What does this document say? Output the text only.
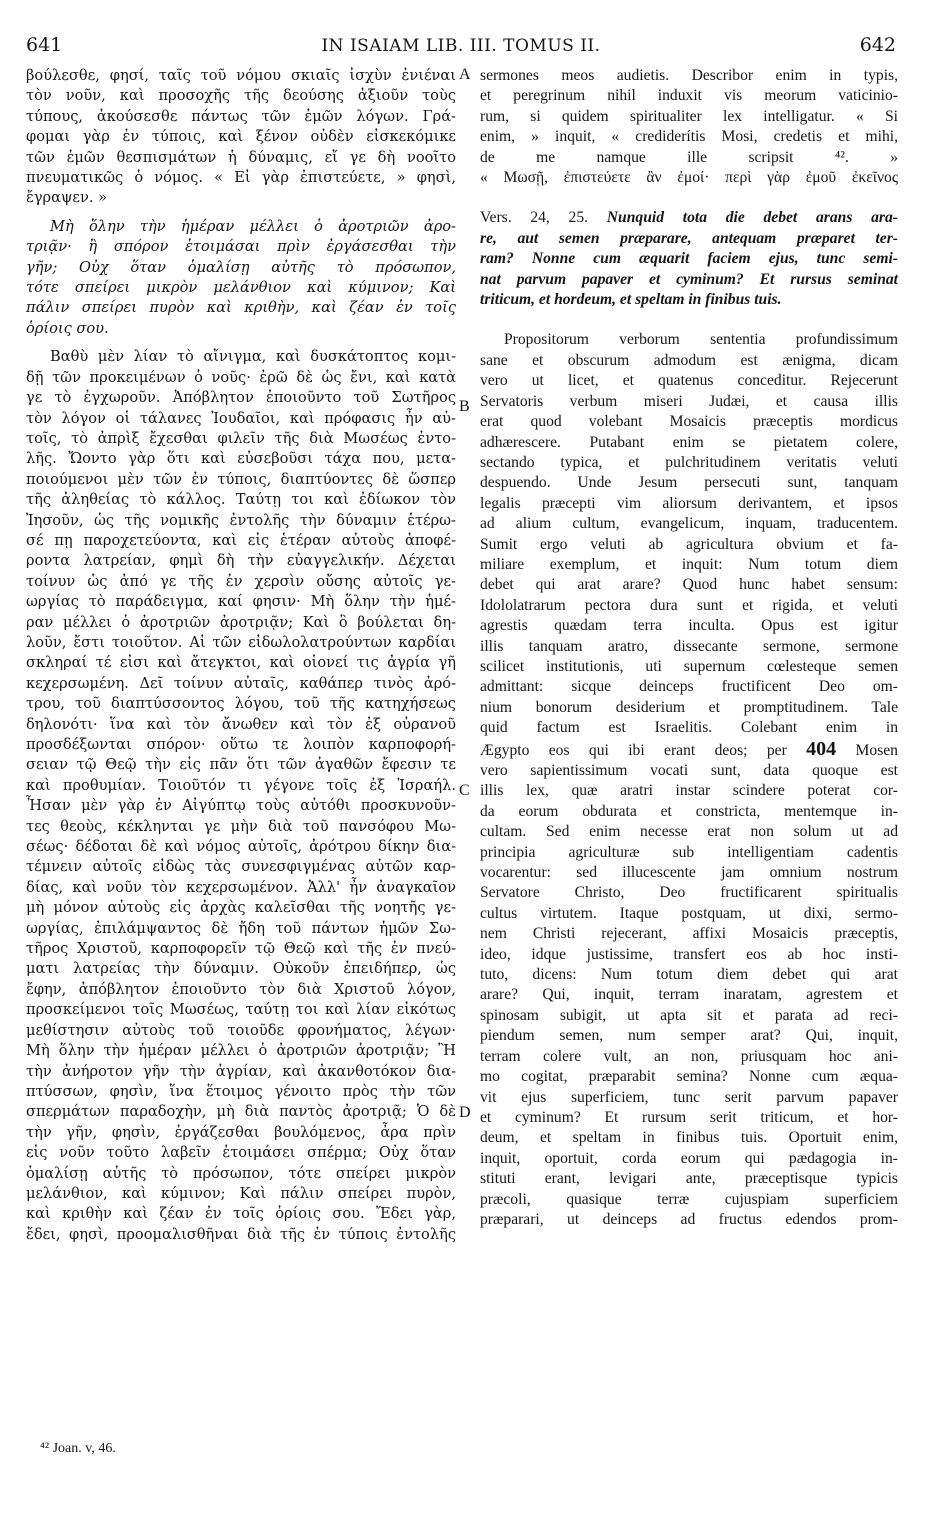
641	IN ISAIAM LIB. III. TOMUS II.	642
βούλεσθε, φησί, ταῖς τοῦ νόμου σκιαῖς ἰσχὺν ἐνιέναι
τὸν νοῦν, καὶ προσοχῆς τῆς δεούσης ἀξιοῦν τοὺς
τύπους, ἀκούσεσθε πάντως τῶν ἐμῶν λόγων. Γρά-
φομαι γὰρ ἐν τύποις, καὶ ξένον οὐδὲν εἰσκεκόμικε
τῶν ἐμῶν θεσπισμάτων ἡ δύναμις, εἴ γε δὴ νοοῖτο
πνευματικῶς ὁ νόμος. « Εἰ γὰρ ἐπιστεύετε, » φησὶ,
ἔγραψεν. »
Μὴ ὅλην τὴν ἡμέραν μέλλει ὁ ἀροτριῶν ἀρο-
τριᾷν· ἢ σπόρον ἑτοιμάσαι πρὶν ἐργάσεσθαι τὴν
γῆν; Οὐχ ὅταν ὁμαλίσῃ αὐτῆς τὸ πρόσωπον,
τότε σπείρει μικρὸν μελάνθιον καὶ κύμινον; Καὶ
πάλιν σπείρει πυρὸν καὶ κριθὴν, καὶ ζέαν ἐν τοῖς
ὁρίοις σου.
Βαθὺ μὲν λίαν τὸ αἴνιγμα, καὶ δυσκάτοπτος κομι-
δῇ τῶν προκειμένων ὁ νοῦς· ἐρῶ δὲ ὡς ἔνι, καὶ κατὰ
γε τὸ ἐγχωροῦν. Ἀπόβλητον ἐποιοῦντο τοῦ Σωτῆρος
τὸν λόγον οἱ τάλανες Ἰουδαῖοι, καὶ πρόφασις ἦν αὐ-
τοῖς, τὸ ἀπρὶξ ἔχεσθαι φιλεῖν τῆς διὰ Μωσέως ἐντο-
λῆς. Ὤοντο γὰρ ὅτι καὶ εὐσεβοῦσι τάχα που, μετα-
ποιούμενοι μὲν τῶν ἐν τύποις, διαπτύοντες δὲ ὥσπερ
τῆς ἀληθείας τὸ κάλλος. Ταύτῃ τοι καὶ ἐδίωκον τὸν
Ἰησοῦν, ὡς τῆς νομικῆς ἐντολῆς τὴν δύναμιν ἑτέρω-
σέ πῃ παροχετεύοντα, καὶ εἰς ἑτέραν αὐτοὺς ἀποφέ-
ροντα λατρείαν, φημὶ δὴ τὴν εὐαγγελικήν. Δέχεται
τοίνυν ὡς ἀπό γε τῆς ἐν χερσὶν οὔσης αὐτοῖς γε-
ωργίας τὸ παράδειγμα, καί φησιν· Μὴ ὅλην τὴν ἡμέ-
ραν μέλλει ὁ ἀροτριῶν ἀροτριᾷν; Καὶ ὃ βούλεται δη-
λοῦν, ἔστι τοιοῦτον. Αἱ τῶν εἰδωλολατρούντων καρδίαι
σκληραί τέ εἰσι καὶ ἄτεγκτοι, καὶ οἱονεί τις ἀγρία γῆ
κεχερσωμένη. Δεῖ τοίνυν αὐταῖς, καθάπερ τινὸς ἀρό-
τρου, τοῦ διαπτύσσοντος λόγου, τοῦ τῆς κατηχήσεως
δηλονότι· ἵνα καὶ τὸν ἄνωθεν καὶ τὸν ἐξ οὐρανοῦ
προσδέξωνται σπόρον· οὕτω τε λοιπὸν καρποφορή-
σειαν τῷ Θεῷ τὴν εἰς πᾶν ὅτι τῶν ἀγαθῶν ἔφεσιν τε
καὶ προθυμίαν. Τοιοῦτόν τι γέγονε τοῖς ἐξ Ἰσραήλ.
Ἦσαν μὲν γὰρ ἐν Αἰγύπτῳ τοὺς αὐτόθι προσκυνοῦν-
τες θεοὺς, κέκληνται γε μὴν διὰ τοῦ πανσόφου Μω-
σέως· δέδοται δὲ καὶ νόμος αὐτοῖς, ἀρότρου δίκην δια-
τέμνειν αὐτοῖς εἰδὼς τὰς συνεσφιγμένας αὐτῶν καρ-
δίας, καὶ νοῦν τὸν κεχερσωμένον. Ἀλλ' ἦν ἀναγκαῖον
μὴ μόνον αὐτοὺς εἰς ἀρχὰς καλεῖσθαι τῆς νοητῆς γε-
ωργίας, ἐπιλάμψαντος δὲ ἤδη τοῦ πάντων ἡμῶν Σω-
τῆρος Χριστοῦ, καρποφορεῖν τῷ Θεῷ καὶ τῆς ἐν πνεύ-
ματι λατρείας τὴν δύναμιν. Οὐκοῦν ἐπειδήπερ, ὡς
ἔφην, ἀπόβλητον ἐποιοῦντο τὸν διὰ Χριστοῦ λόγον,
προσκείμενοι τοῖς Μωσέως, ταύτῃ τοι καὶ λίαν εἰκότως
μεθίστησιν αὐτοὺς τοῦ τοιοῦδε φρονήματος, λέγων·
Μὴ ὅλην τὴν ἡμέραν μέλλει ὁ ἀροτριῶν ἀροτριᾷν; Ἢ
τὴν ἀνήροτον γῆν τὴν ἀγρίαν, καὶ ἀκανθοτόκον δια-
πτύσσων, φησὶν, ἵνα ἕτοιμος γένοιτο πρὸς τὴν τῶν
σπερμάτων παραδοχὴν, μὴ διὰ παντὸς ἀροτριᾷ; Ὁ δὲ
τὴν γῆν, φησὶν, ἐργάζεσθαι βουλόμενος, ἆρα πρὶν
εἰς νοῦν τοῦτο λαβεῖν ἑτοιμάσει σπέρμα; Οὐχ ὅταν
ὁμαλίσῃ αὐτῆς τὸ πρόσωπον, τότε σπείρει μικρὸν
μελάνθιον, καὶ κύμινον; Καὶ πάλιν σπείρει πυρὸν,
καὶ κριθὴν καὶ ζέαν ἐν τοῖς ὁρίοις σου. Ἔδει γὰρ,
ἔδει, φησὶ, προομαλισθῆναι διὰ τῆς ἐν τύποις ἐντολῆς
A
B
C
D
sermones meos audietis. Describor enim in typis,
et peregrinum nihil induxit vis meorum vaticinio-
rum, si quidem spiritualiter lex intelligatur. « Si
enim, » inquit, « crediderítis Mosi, credetis et mihi,
de me namque ille scripsit ⁴². »
« Μωσῇ, ἐπιστεύετε ἂν ἐμοί· περὶ γὰρ ἐμοῦ ἐκεῖνος
Vers. 24, 25. Nunquid tota die debet arans ara-
re, aut semen præparare, antequam præparet ter-
ram? Nonne cum æquarit faciem ejus, tunc semi-
nat parvum papaver et cyminum? Et rursus seminat
triticum, et hordeum, et speltam in finibus tuis.
Propositorum verborum sententia profundissimum
sane et obscurum admodum est ænigma, dicam
vero ut licet, et quatenus conceditur. Rejecerunt
Servatoris verbum miseri Judæi, et causa illis
erat quod volebant Mosaicis præceptis mordicus
adhærescere. Putabant enim se pietatem colere,
sectando typica, et pulchritudinem veritatis veluti
despuendo. Unde Jesum persecuti sunt, tanquam
legalis præcepti vim aliorsum derivantem, et ipsos
ad alium cultum, evangelicum, inquam, traducentem.
Sumit ergo veluti ab agricultura obvium et fa-
miliare exemplum, et inquit: Num totum diem
debet qui arat arare? Quod hunc habet sensum:
Idololatrarum pectora dura sunt et rigida, et veluti
agrestis quædam terra inculta. Opus est igitur
illis tanquam aratro, dissecante sermone, sermone
scilicet institutionis, uti supernum cœlesteque semen
admittant: sicque deinceps fructificent Deo om-
nium bonorum desiderium et promptitudinem. Tale
quid factum est Israelitis. Colebant enim in
Ægypto eos qui ibi erant deos; per 404 Mosen
vero sapientissimum vocati sunt, data quoque est
illis lex, quæ aratri instar scindere poterat cor-
da eorum obdurata et constricta, mentemque in-
cultam. Sed enim necesse erat non solum ut ad
principia agriculturæ sub intelligentiam cadentis
vocarentur: sed illucescente jam omnium nostrum
Servatore Christo, Deo fructificarent spiritualis
cultus virtutem. Itaque postquam, ut dixi, sermo-
nem Christi rejecerant, affixi Mosaicis præceptis,
ideo, idque justissime, transfert eos ab hoc insti-
tuto, dicens: Num totum diem debet qui arat
arare? Qui, inquit, terram inaratam, agrestem et
spinosam subigit, ut apta sit et parata ad reci-
piendum semen, num semper arat? Qui, inquit,
terram colere vult, an non, priusquam hoc ani-
mo cogitat, præparabit semina? Nonne cum æqua-
vit ejus superficiem, tunc serit parvum papaver
et cyminum? Et rursum serit triticum, et hor-
deum, et speltam in finibus tuis. Oportuit enim,
inquit, oportuit, corda eorum qui pædagogia in-
stituti erant, levigari ante, præceptisque typicis
præcoli, quasique terræ cujuspiam superficiem
præparari, ut deinceps ad fructus edendos prom-
⁴² Joan. v, 46.
